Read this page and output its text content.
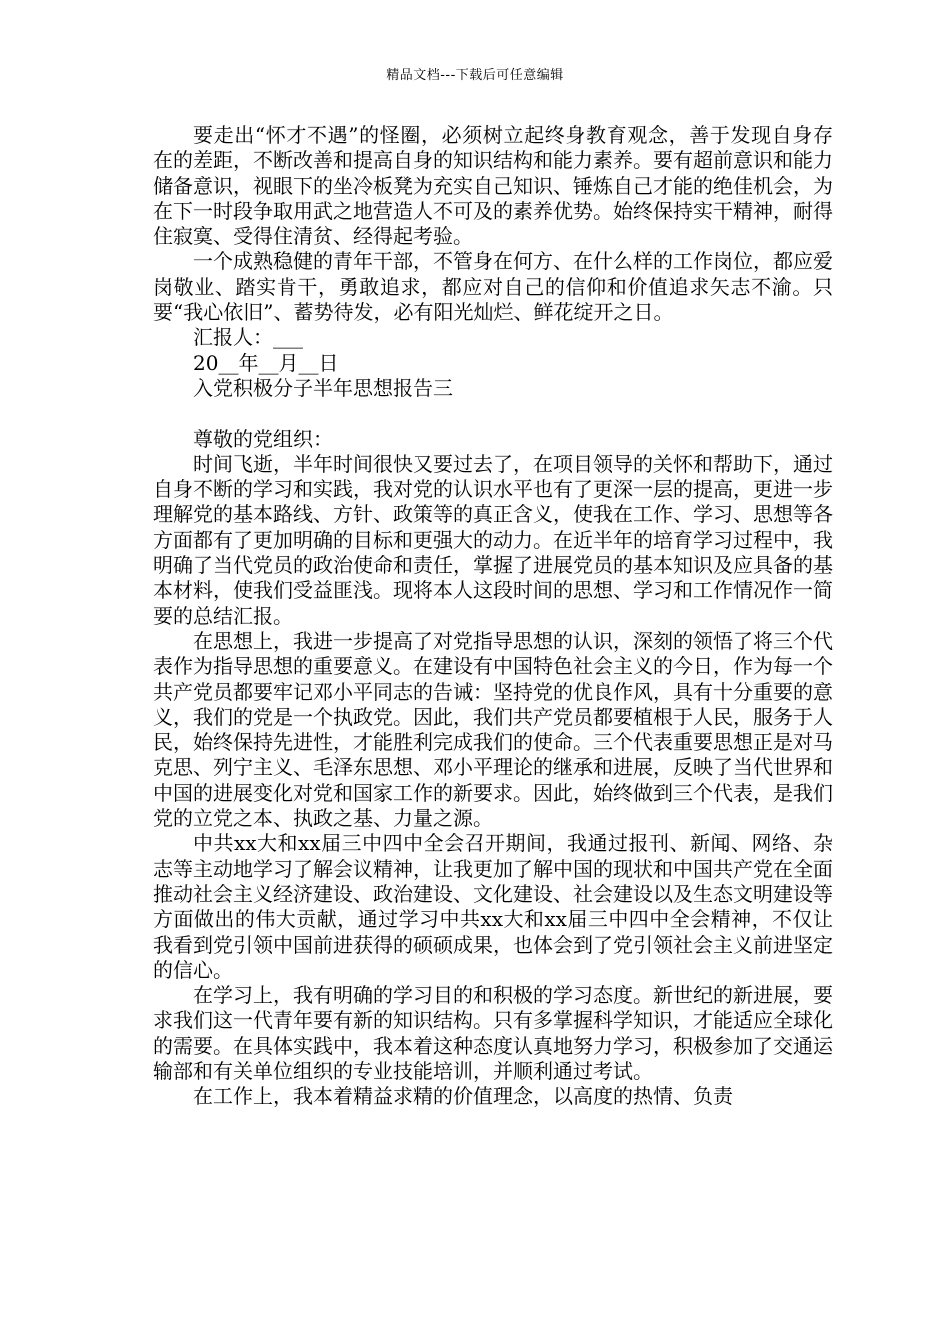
精品文档---下载后可任意编辑

要走出“怀才不遇”的怪圈，必须树立起终身教育观念，善于发现自身存在的差距，不断改善和提高自身的知识结构和能力素养。要有超前意识和能力储备意识，视眼下的坐冷板凳为充实自己知识、锤炼自己才能的绝佳机会，为在下一时段争取用武之地营造人不可及的素养优势。始终保持实干精神，耐得住寂寞、受得住清贫、经得起考验。

一个成熟稳健的青年干部，不管身在何方、在什么样的工作岗位，都应爱岗敬业、踏实肯干，勇敢追求，都应对自己的信仰和价值追求矢志不渝。只要“我心依旧”、蓄势待发，必有阳光灿烂、鲜花绽开之日。

汇报人：___

20__年__月__日

入党积极分子半年思想报告三

尊敬的党组织：

时间飞逝，半年时间很快又要过去了，在项目领导的关怀和帮助下，通过自身不断的学习和实践，我对党的认识水平也有了更深一层的提高，更进一步理解党的基本路线、方针、政策等的真正含义，使我在工作、学习、思想等各方面都有了更加明确的目标和更强大的动力。在近半年的培育学习过程中，我明确了当代党员的政治使命和责任，掌握了进展党员的基本知识及应具备的基本材料，使我们受益匪浅。现将本人这段时间的思想、学习和工作情况作一简要的总结汇报。

在思想上，我进一步提高了对党指导思想的认识，深刻的领悟了将三个代表作为指导思想的重要意义。在建设有中国特色社会主义的今日，作为每一个共产党员都要牢记邓小平同志的告诫：坚持党的优良作风，具有十分重要的意义，我们的党是一个执政党。因此，我们共产党员都要植根于人民，服务于人民，始终保持先进性，才能胜利完成我们的使命。三个代表重要思想正是对马克思、列宁主义、毛泽东思想、邓小平理论的继承和进展，反映了当代世界和中国的进展变化对党和国家工作的新要求。因此，始终做到三个代表，是我们党的立党之本、执政之基、力量之源。

中共xx大和xx届三中四中全会召开期间，我通过报刊、新闻、网络、杂志等主动地学习了解会议精神，让我更加了解中国的现状和中国共产党在全面推动社会主义经济建设、政治建设、文化建设、社会建设以及生态文明建设等方面做出的伟大贡献，通过学习中共xx大和xx届三中四中全会精神，不仅让我看到党引领中国前进获得的硕硕成果，也体会到了党引领社会主义前进坚定的信心。

在学习上，我有明确的学习目的和积极的学习态度。新世纪的新进展，要求我们这一代青年要有新的知识结构。只有多掌握科学知识，才能适应全球化的需要。在具体实践中，我本着这种态度认真地努力学习，积极参加了交通运输部和有关单位组织的专业技能培训，并顺利通过考试。

在工作上，我本着精益求精的价值理念，以高度的热情、负责
